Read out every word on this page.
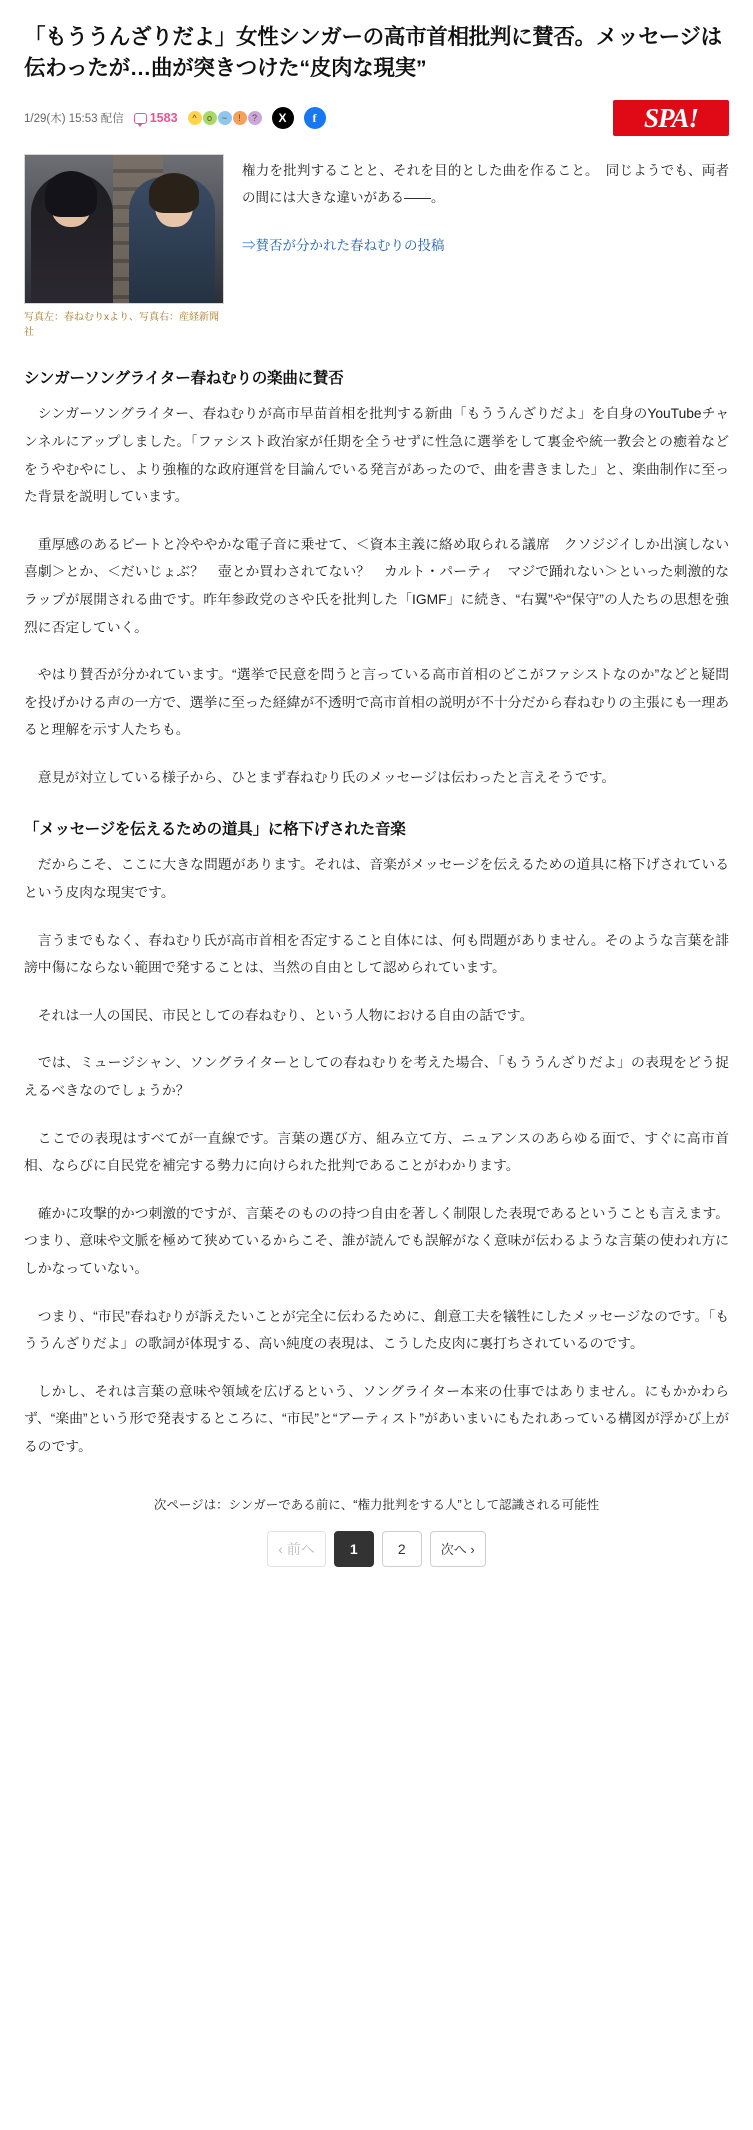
「もううんざりだよ」女性シンガーの高市首相批判に賛否。メッセージは伝わったが…曲が突きつけた“皮肉な現実”
1/29(木) 15:53 配信 1583	^	o	~	!	?	X	f	SPA!
写真左：春ねむりxより、写真右：産経新聞社

権力を批判することと、それを目的とした曲を作ること。　同じようでも、両者の間には大きな違いがある――。

⇒賛否が分かれた春ねむりの投稿
シンガーソングライター春ねむりの楽曲に賛否

シンガーソングライター、春ねむりが高市早苗首相を批判する新曲「もううんざりだよ」を自身のYouTubeチャンネルにアップしました。「ファシスト政治家が任期を全うせずに性急に選挙をして裏金や統一教会との癒着などをうやむやにし、より強権的な政府運営を目論んでいる発言があったので、曲を書きました」と、楽曲制作に至った背景を説明しています。

重厚感のあるビートと冷ややかな電子音に乗せて、＜資本主義に絡め取られる議席　クソジジイしか出演しない喜劇＞とか、＜だいじょぶ？　壺とか買わされてない？　カルト・パーティ　マジで踊れない＞といった刺激的なラップが展開される曲です。昨年参政党のさや氏を批判した「IGMF」に続き、“右翼”や“保守”の人たちの思想を強烈に否定していく。

やはり賛否が分かれています。“選挙で民意を問うと言っている高市首相のどこがファシストなのか”などと疑問を投げかける声の一方で、選挙に至った経緯が不透明で高市首相の説明が不十分だから春ねむりの主張にも一理あると理解を示す人たちも。

意見が対立している様子から、ひとまず春ねむり氏のメッセージは伝わったと言えそうです。

「メッセージを伝えるための道具」に格下げされた音楽

だからこそ、ここに大きな問題があります。それは、音楽がメッセージを伝えるための道具に格下げされているという皮肉な現実です。

言うまでもなく、春ねむり氏が高市首相を否定すること自体には、何も問題がありません。そのような言葉を誹謗中傷にならない範囲で発することは、当然の自由として認められています。

それは一人の国民、市民としての春ねむり、という人物における自由の話です。

では、ミュージシャン、ソングライターとしての春ねむりを考えた場合、「もううんざりだよ」の表現をどう捉えるべきなのでしょうか？

ここでの表現はすべてが一直線です。言葉の選び方、組み立て方、ニュアンスのあらゆる面で、すぐに高市首相、ならびに自民党を補完する勢力に向けられた批判であることがわかります。

確かに攻撃的かつ刺激的ですが、言葉そのものの持つ自由を著しく制限した表現であるということも言えます。つまり、意味や文脈を極めて狭めているからこそ、誰が読んでも誤解がなく意味が伝わるような言葉の使われ方にしかなっていない。

つまり、“市民”春ねむりが訴えたいことが完全に伝わるために、創意工夫を犠牲にしたメッセージなのです。「もううんざりだよ」の歌詞が体現する、高い純度の表現は、こうした皮肉に裏打ちされているのです。

しかし、それは言葉の意味や領域を広げるという、ソングライター本来の仕事ではありません。にもかかわらず、“楽曲”という形で発表するところに、“市民”と“アーティスト”があいまいにもたれあっている構図が浮かび上がるのです。

次ページは：シンガーである前に、“権力批判をする人”として認識される可能性
‹ 前へ	1	2	次へ ›
